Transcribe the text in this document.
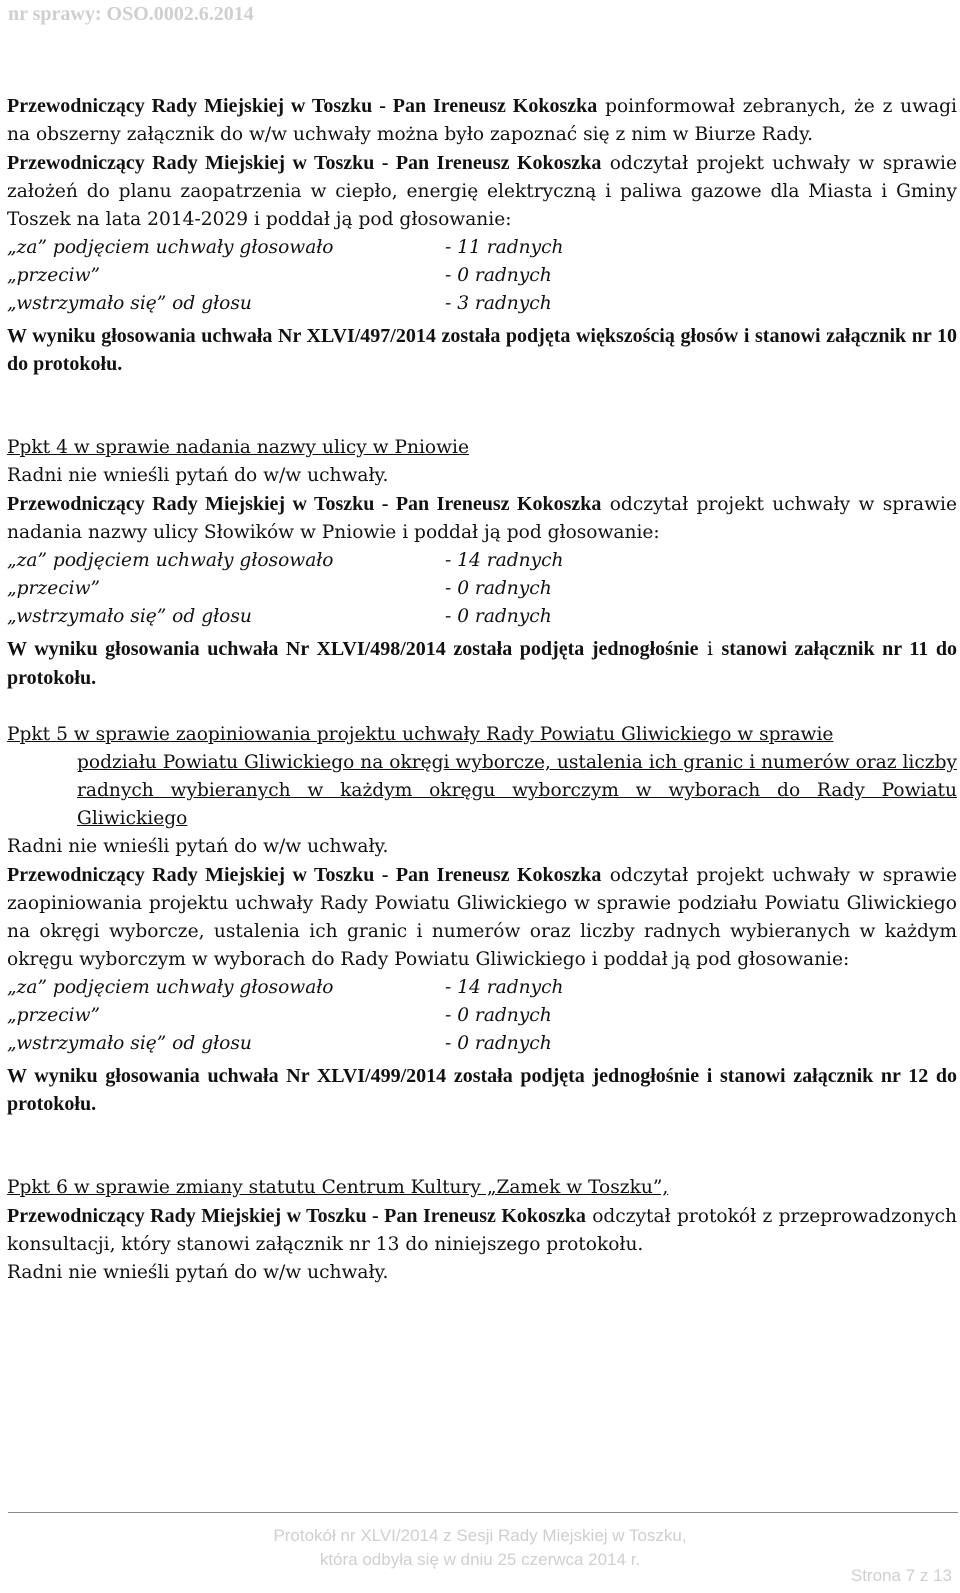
nr sprawy: OSO.0002.6.2014
Przewodniczący Rady Miejskiej w Toszku - Pan Ireneusz Kokoszka poinformował zebranych, że z uwagi na obszerny załącznik do w/w uchwały można było zapoznać się z nim w Biurze Rady.
Przewodniczący Rady Miejskiej w Toszku - Pan Ireneusz Kokoszka odczytał projekt uchwały w sprawie założeń do planu zaopatrzenia w ciepło, energię elektryczną i paliwa gazowe dla Miasta i Gminy Toszek na lata 2014-2029 i poddał ją pod głosowanie:
„za” podjęciem uchwały głosowało	- 11 radnych
„przeciw”	- 0 radnych
„wstrzymało się” od głosu	- 3 radnych
W wyniku głosowania uchwała Nr XLVI/497/2014 została podjęta większością głosów i stanowi załącznik nr 10 do protokołu.
Ppkt 4 w sprawie nadania nazwy ulicy w Pniowie
Radni nie wnieśli pytań do w/w uchwały.
Przewodniczący Rady Miejskiej w Toszku - Pan Ireneusz Kokoszka odczytał projekt uchwały w sprawie nadania nazwy ulicy Słowików w Pniowie i poddał ją pod głosowanie:
„za” podjęciem uchwały głosowało	- 14 radnych
„przeciw”	- 0 radnych
„wstrzymało się” od głosu	- 0 radnych
W wyniku głosowania uchwała Nr XLVI/498/2014 została podjęta jednogłośnie i stanowi załącznik nr 11 do protokołu.
Ppkt 5 w sprawie zaopiniowania projektu uchwały Rady Powiatu Gliwickiego w sprawie
podziału Powiatu Gliwickiego na okręgi wyborcze, ustalenia ich granic i numerów oraz liczby radnych wybieranych w każdym okręgu wyborczym w wyborach do Rady Powiatu Gliwickiego
Radni nie wnieśli pytań do w/w uchwały.
Przewodniczący Rady Miejskiej w Toszku - Pan Ireneusz Kokoszka odczytał projekt uchwały w sprawie zaopiniowania projektu uchwały Rady Powiatu Gliwickiego w sprawie podziału Powiatu Gliwickiego na okręgi wyborcze, ustalenia ich granic i numerów oraz liczby radnych wybieranych w każdym okręgu wyborczym w wyborach do Rady Powiatu Gliwickiego i poddał ją pod głosowanie:
„za” podjęciem uchwały głosowało	- 14 radnych
„przeciw”	- 0 radnych
„wstrzymało się” od głosu	- 0 radnych
W wyniku głosowania uchwała Nr XLVI/499/2014 została podjęta jednogłośnie i stanowi załącznik nr 12 do protokołu.
Ppkt 6 w sprawie zmiany statutu Centrum Kultury „Zamek w Toszku”,
Przewodniczący Rady Miejskiej w Toszku - Pan Ireneusz Kokoszka odczytał protokół z przeprowadzonych konsultacji, który stanowi załącznik nr 13 do niniejszego protokołu.
Radni nie wnieśli pytań do w/w uchwały.
Protokół nr XLVI/2014 z Sesji Rady Miejskiej w Toszku,
która odbyła się w dniu 25 czerwca 2014 r.
Strona 7 z 13
